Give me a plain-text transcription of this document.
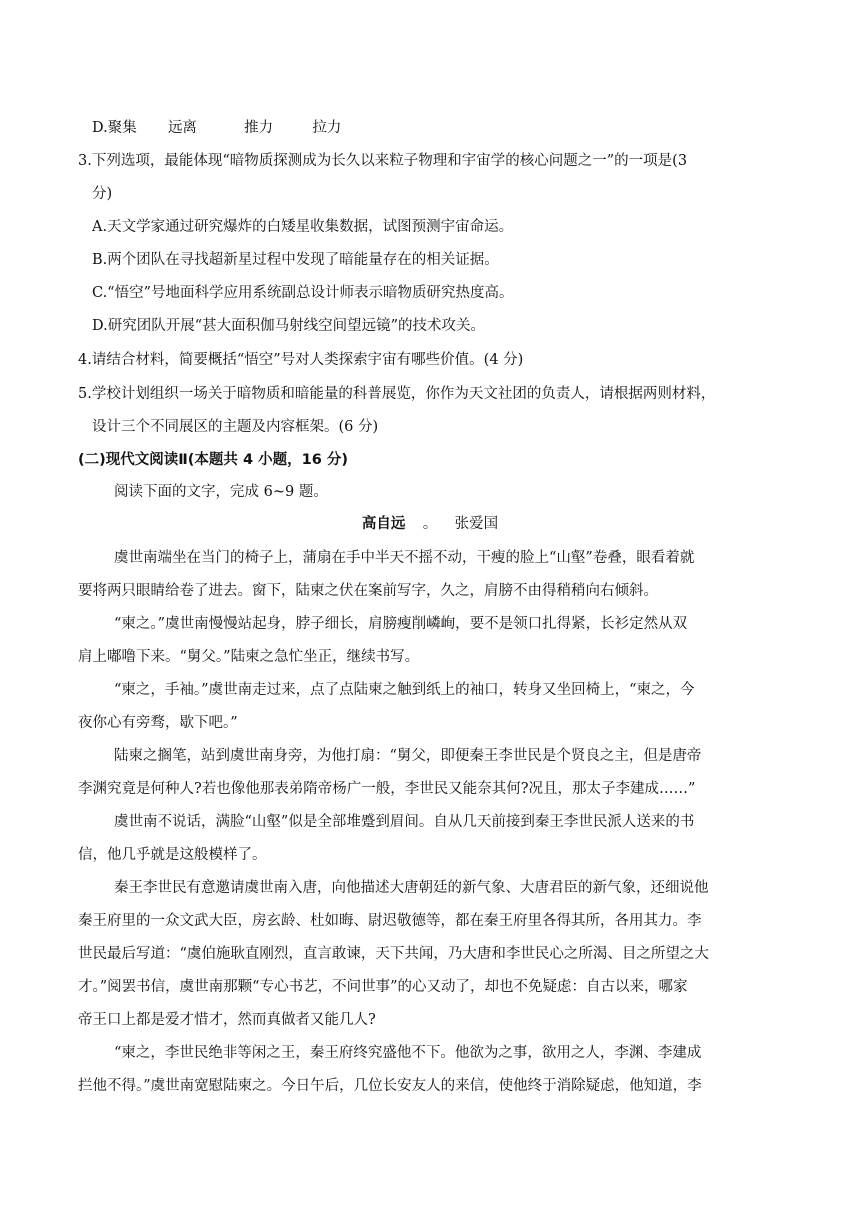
D.聚集 远离	推力	拉力
3.下列选项，最能体现“暗物质探测成为长久以来粒子物理和宇宙学的核心问题之一”的一项是(3
分)
A.天文学家通过研究爆炸的白矮星收集数据，试图预测宇宙命运。
B.两个团队在寻找超新星过程中发现了暗能量存在的相关证据。
C.“悟空”号地面科学应用系统副总设计师表示暗物质研究热度高。
D.研究团队开展“甚大面积伽马射线空间望远镜”的技术攻关。
4.请结合材料，简要概括“悟空”号对人类探索宇宙有哪些价值。(4 分)
5.学校计划组织一场关于暗物质和暗能量的科普展览，你作为天文社团的负责人，请根据两则材料，
设计三个不同展区的主题及内容框架。(6 分)
(二)现代文阅读Ⅱ(本题共 4 小题，16 分)
阅读下面的文字，完成 6~9 题。
高自远 。 张爱国
虞世南端坐在当门的椅子上，蒲扇在手中半天不摇不动，干瘦的脸上“山壑”卷叠，眼看着就
要将两只眼睛给卷了进去。窗下，陆柬之伏在案前写字，久之，肩膀不由得稍稍向右倾斜。
“柬之。”虞世南慢慢站起身，脖子细长，肩膀瘦削嶙峋，要不是领口扎得紧，长衫定然从双
肩上嘟噜下来。“舅父。”陆柬之急忙坐正，继续书写。
“柬之，手袖。”虞世南走过来，点了点陆柬之触到纸上的袖口，转身又坐回椅上，“柬之，今
夜你心有旁骛，歇下吧。”
陆柬之搁笔，站到虞世南身旁，为他打扇：“舅父，即便秦王李世民是个贤良之主，但是唐帝
李渊究竟是何种人?若也像他那表弟隋帝杨广一般，李世民又能奈其何?况且，那太子李建成……”
虞世南不说话，满脸“山壑”似是全部堆蹙到眉间。自从几天前接到秦王李世民派人送来的书
信，他几乎就是这般模样了。
秦王李世民有意邀请虞世南入唐，向他描述大唐朝廷的新气象、大唐君臣的新气象，还细说他
秦王府里的一众文武大臣，房玄龄、杜如晦、尉迟敬德等，都在秦王府里各得其所，各用其力。李
世民最后写道：“虞伯施耿直刚烈，直言敢谏，天下共闻，乃大唐和李世民心之所渴、目之所望之大
才。”阅罢书信，虞世南那颗“专心书艺，不问世事”的心又动了，却也不免疑虑：自古以来，哪家
帝王口上都是爱才惜才，然而真做者又能几人?
“柬之，李世民绝非等闲之王，秦王府终究盛他不下。他欲为之事，欲用之人，李渊、李建成
拦他不得。”虞世南宽慰陆柬之。今日午后，几位长安友人的来信，使他终于消除疑虑，他知道，李
